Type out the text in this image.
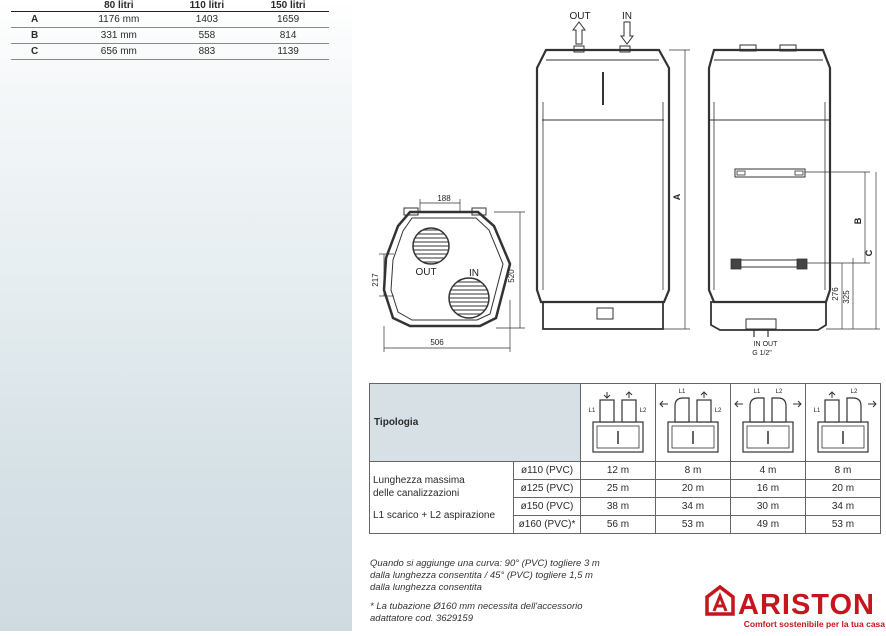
	80 litri	110 litri	150 litri
A	1176 mm	1403	1659
B	331 mm	558	814
C	656 mm	883	1139
188
217	520
506
OUT	IN
OUT	IN
A
B
C
276 325
IN OUT
G 1/2"
Tipologia		L1 L2	L1
L2	L1 L2	L1
L2

Lunghezza massima
delle canalizzazioni
L1 scarico + L2 aspirazione	ø110 (PVC)	12 m	8 m	4 m	8 m
	ø125 (PVC)	25 m	20 m	16 m	20 m
	ø150 (PVC)	38 m	34 m	30 m	34 m
	ø160 (PVC)*	56 m	53 m	49 m	53 m
Quando si aggiunge una curva: 90° (PVC) togliere 3 m
dalla lunghezza consentita / 45° (PVC) togliere 1,5 m
dalla lunghezza consentita
* La tubazione Ø160 mm necessita dell'accessorio
adattatore cod. 3629159	ARISTON
Comfort sostenibile per la tua casa
